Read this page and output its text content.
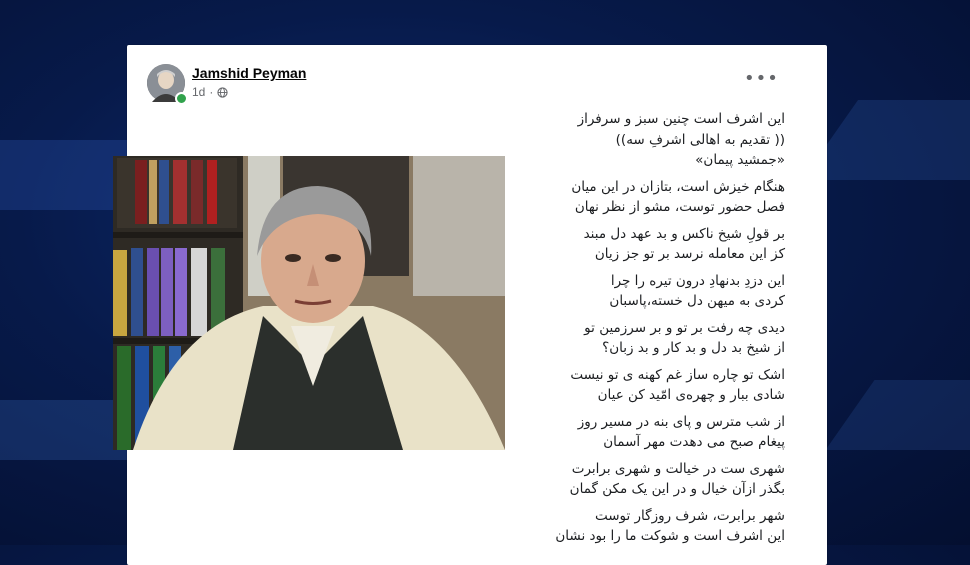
Jamshid Peyman
1d ·
•••
این اشرف است چنین سبز و سرفراز
(( تقدیم به اهالی اشرفِ سه))
«جمشید پیمان»
هنگام خیزش است، بتازان در این میان
فصل حضور توست، مشو از نظر نهان
بر قولِ شیخ ناکس و بد عهد دل مبند
کز این معامله نرسد بر تو جز زیان
این دزدِ بدنهادِ درون تیره را چرا
کردی به میهن دل خسته،پاسبان
دیدی چه رفت بر تو و بر سرزمین تو
از شیخ بد دل و بد کار و بد زبان؟
اشک تو چاره ساز غم کهنه ی تو نیست
شادی ببار و چهره‌ی امّید کن عیان
از شب مترس و پای بنه در مسیر روز
پیغام صبح می دهدت مهر آسمان
شهری ست در خیالت و شهری برابرت
بگذر ازآن خیال و در این یک مکن گمان
شهر برابرت، شرف روزگار توست
این اشرف است و شوکت ما را بود نشان
